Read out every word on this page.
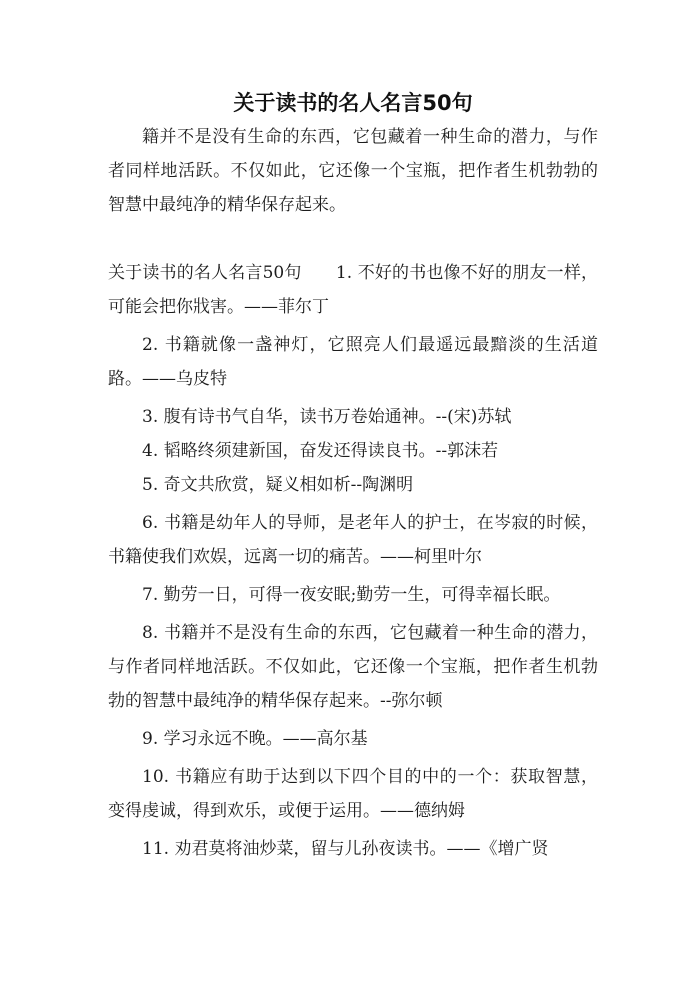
关于读书的名人名言50句

籍并不是没有生命的东西，它包藏着一种生命的潜力，与作者同样地活跃。不仅如此，它还像一个宝瓶，把作者生机勃勃的智慧中最纯净的精华保存起来。

关于读书的名人名言50句　　1. 不好的书也像不好的朋友一样，可能会把你戕害。——菲尔丁

2. 书籍就像一盏神灯，它照亮人们最遥远最黯淡的生活道路。——乌皮特

3. 腹有诗书气自华，读书万卷始通神。--(宋)苏轼

4. 韬略终须建新国，奋发还得读良书。--郭沫若

5. 奇文共欣赏，疑义相如析--陶渊明

6. 书籍是幼年人的导师，是老年人的护士，在岑寂的时候，书籍使我们欢娱，远离一切的痛苦。——柯里叶尔

7. 勤劳一日，可得一夜安眠;勤劳一生，可得幸福长眠。

8. 书籍并不是没有生命的东西，它包藏着一种生命的潜力，与作者同样地活跃。不仅如此，它还像一个宝瓶，把作者生机勃勃的智慧中最纯净的精华保存起来。--弥尔顿

9. 学习永远不晚。——高尔基

10. 书籍应有助于达到以下四个目的中的一个：获取智慧，变得虔诚，得到欢乐，或便于运用。——德纳姆

11. 劝君莫将油炒菜，留与儿孙夜读书。——《增广贤
